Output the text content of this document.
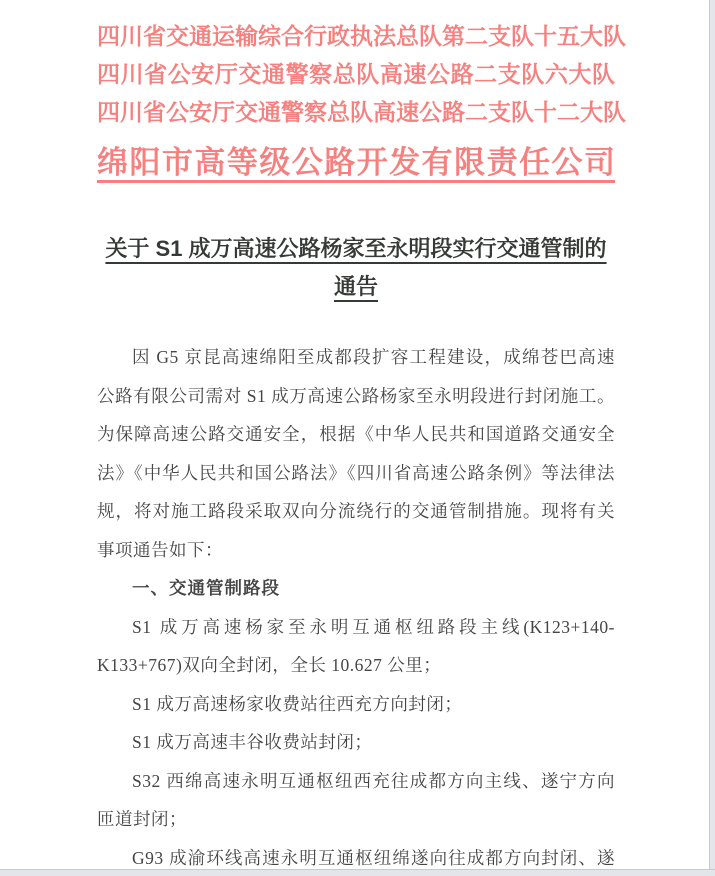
四川省交通运输综合行政执法总队第二支队十五大队
四川省公安厅交通警察总队高速公路二支队六大队
四川省公安厅交通警察总队高速公路二支队十二大队
绵阳市高等级公路开发有限责任公司
关于 S1 成万高速公路杨家至永明段实行交通管制的
通告
因 G5 京昆高速绵阳至成都段扩容工程建设，成绵苍巴高速
公路有限公司需对 S1 成万高速公路杨家至永明段进行封闭施工。
为保障高速公路交通安全，根据《中华人民共和国道路交通安全
法》《中华人民共和国公路法》《四川省高速公路条例》等法律法
规，将对施工路段采取双向分流绕行的交通管制措施。现将有关
事项通告如下：
一、交通管制路段
S1 成万高速杨家至永明互通枢纽路段主线(K123+140-
K133+767)双向全封闭，全长 10.627 公里；
S1 成万高速杨家收费站往西充方向封闭；
S1 成万高速丰谷收费站封闭；
S32 西绵高速永明互通枢纽西充往成都方向主线、遂宁方向
匝道封闭；
G93 成渝环线高速永明互通枢纽绵遂向往成都方向封闭、遂
